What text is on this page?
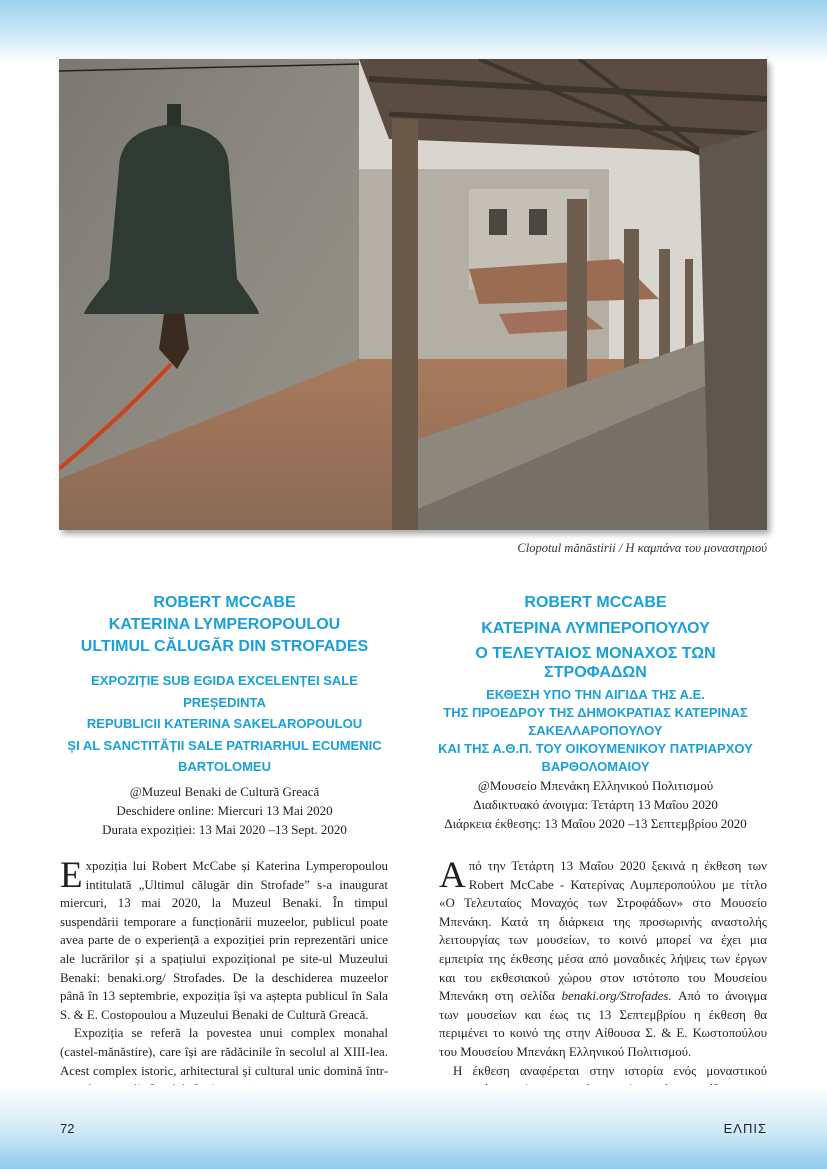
Clopotul mănăstirii / Η καμπάνα του μοναστηριού

ROBERT MCCABE

KATERINA LYMPEROPOULOU

ULTIMUL CĂLUGĂR DIN STROFADES

EXPOZIȚIE SUB EGIDA EXCELENȚEI SALE PREȘEDINTA

REPUBLICII KATERINA SAKELAROPOULOU

ȘI AL SANCTITĂȚII SALE PATRIARHUL ECUMENIC

BARTOLOMEU

@Muzeul Benaki de Cultură Greacă
Deschidere online: Miercuri 13 Mai 2020
Durata expoziției: 13 Mai 2020 –13 Sept. 2020

ROBERT MCCABE

ΚΑΤΕΡΙΝΑ ΛΥΜΠΕΡΟΠΟΥΛΟΥ

Ο ΤΕΛΕΥΤΑΙΟΣ ΜΟΝΑΧΟΣ ΤΩΝ

ΣΤΡΟΦΑΔΩΝ

ΕΚΘΕΣΗ ΥΠΟ ΤΗΝ ΑΙΓΙΔΑ ΤΗΣ Α.Ε.

ΤΗΣ ΠΡΟΕΔΡΟΥ ΤΗΣ ΔΗΜΟΚΡΑΤΙΑΣ ΚΑΤΕΡΙΝΑΣ

ΣΑΚΕΛΛΑΡΟΠΟΥΛΟΥ

ΚΑΙ ΤΗΣ Α.Θ.Π. ΤΟΥ ΟΙΚΟΥΜΕΝΙΚΟΥ ΠΑΤΡΙΑΡΧΟΥ

ΒΑΡΘΟΛΟΜΑΙΟΥ

@Μουσείο Μπενάκη Ελληνικού Πολιτισμού
Διαδικτυακό άνοιγμα: Τετάρτη 13 Μαΐου 2020
Διάρκεια έκθεσης: 13 Μαΐου 2020 –13 Σεπτεμβρίου 2020

Expoziția lui Robert McCabe și Katerina Lymperopoulou intitulată „Ultimul călugăr din Strofade” s-a inaugurat miercuri, 13 mai 2020, la Muzeul Benaki. În timpul suspendării temporare a funcționării muzeelor, publicul poate avea parte de o experiență a expoziției prin reprezentări unice ale lucrărilor și a spațiului expozițional pe site-ul Muzeului Benaki: benaki.org/ Strofades. De la deschiderea muzeelor până în 13 septembrie, expoziția își va aștepta publicul în Sala S. & E. Costopoulou a Muzeului Benaki de Cultură Greacă.

Expoziția se referă la povestea unui complex monahal (castel-mănăstire), care își are rădăcinile în secolul al XIII-lea. Acest complex istoric, arhitectural și cultural unic domină într-

Από την Τετάρτη 13 Μαΐου 2020 ξεκινά η έκθεση των Robert McCabe - Κατερίνας Λυμπεροπούλου με τίτλο «Ο Τελευταίος Μοναχός των Στροφάδων» στο Μουσείο Μπενάκη. Κατά τη διάρκεια της προσωρινής αναστολής λειτουργίας των μουσείων, το κοινό μπορεί να έχει μια εμπειρία της έκθεσης μέσα από μοναδικές λήψεις των έργων και του εκθεσιακού χώρου στον ιστότοπο του Μουσείου Μπενάκη στη σελίδα benaki.org/Strofades. Από το άνοιγμα των μουσείων και έως τις 13 Σεπτεμβρίου η έκθεση θα περιμένει το κοινό της στην Αίθουσα Σ. & Ε. Κωστοπούλου του Μουσείου Μπενάκη Ελληνικού Πολιτισμού.

Η έκθεση αναφέρεται στην ιστορία ενός μοναστικού

72	ΕΛΠΙΣ
